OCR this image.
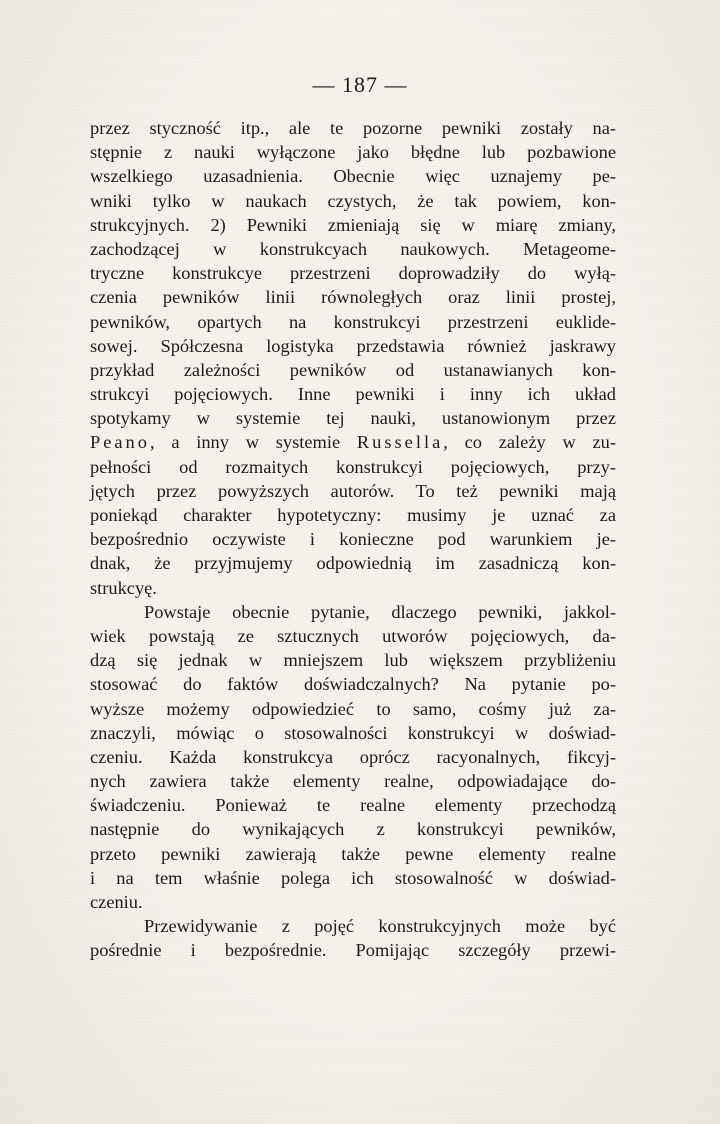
— 187 —
przez styczność itp., ale te pozorne pewniki zostały na-
stępnie z nauki wyłączone jako błędne lub pozbawione
wszelkiego uzasadnienia. Obecnie więc uznajemy pe-
wniki tylko w naukach czystych, że tak powiem, kon-
strukcyjnych. 2) Pewniki zmieniają się w miarę zmiany,
zachodzącej w konstrukcyach naukowych. Metageome-
tryczne konstrukcye przestrzeni doprowadziły do wyłą-
czenia pewników linii równoległych oraz linii prostej,
pewników, opartych na konstrukcyi przestrzeni euklide-
sowej. Spółczesna logistyka przedstawia również jaskrawy
przykład zależności pewników od ustanawianych kon-
strukcyi pojęciowych. Inne pewniki i inny ich układ
spotykamy w systemie tej nauki, ustanowionym przez
Peano, a inny w systemie Russella, co zależy w zu-
pełności od rozmaitych konstrukcyi pojęciowych, przy-
jętych przez powyższych autorów. To też pewniki mają
poniekąd charakter hypotetyczny: musimy je uznać za
bezpośrednio oczywiste i konieczne pod warunkiem je-
dnak, że przyjmujemy odpowiednią im zasadniczą kon-
strukcyę.
Powstaje obecnie pytanie, dlaczego pewniki, jakkol-
wiek powstają ze sztucznych utworów pojęciowych, da-
dzą się jednak w mniejszem lub większem przybliżeniu
stosować do faktów doświadczalnych? Na pytanie po-
wyższe możemy odpowiedzieć to samo, cośmy już za-
znaczyli, mówiąc o stosowalności konstrukcyi w doświad-
czeniu. Każda konstrukcya oprócz racyonalnych, fikcyj-
nych zawiera także elementy realne, odpowiadające do-
świadczeniu. Ponieważ te realne elementy przechodzą
następnie do wynikających z konstrukcyi pewników,
przeto pewniki zawierają także pewne elementy realne
i na tem właśnie polega ich stosowalność w doświad-
czeniu.
Przewidywanie z pojęć konstrukcyjnych może być
pośrednie i bezpośrednie. Pomijając szczegóły przewi-
